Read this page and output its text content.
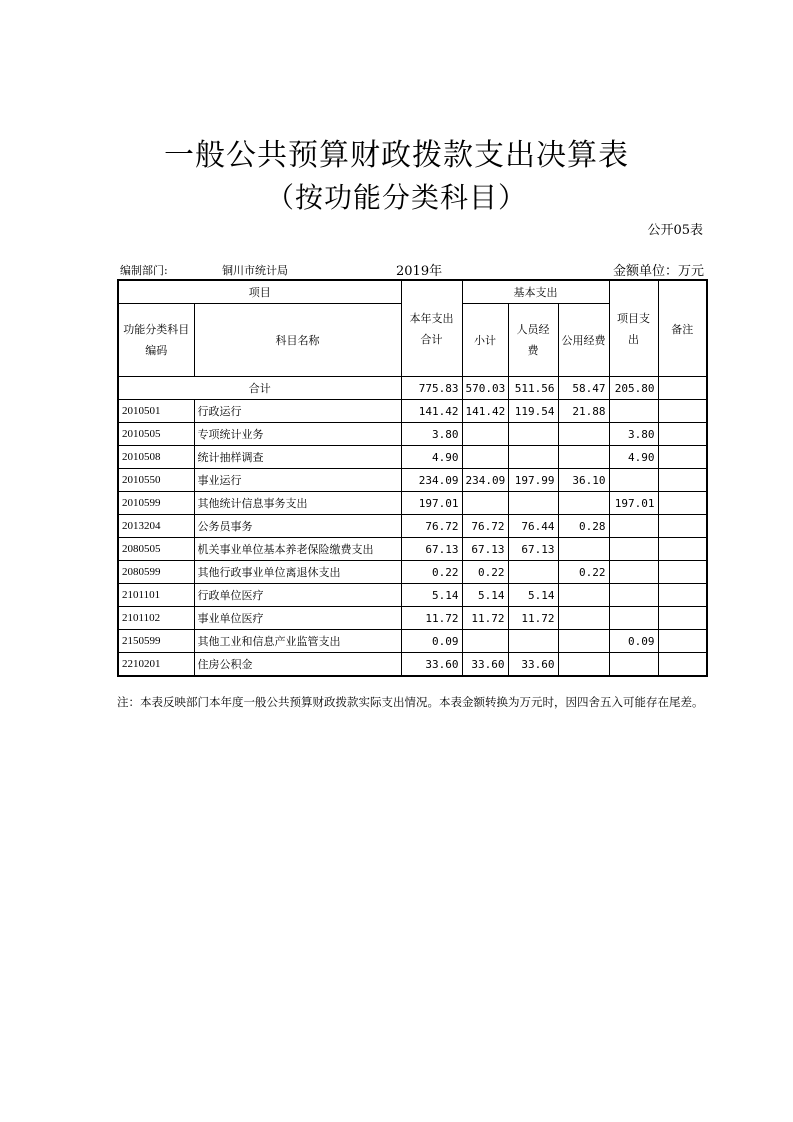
一般公共预算财政拨款支出决算表
（按功能分类科目）
公开05表
编制部门:	铜川市统计局	2019年	金额单位：万元
项目		本年支出合计	基本支出			项目支出	备注
功能分类科目编码	科目名称		小计	人员经费	公用经费		
合计		775.83	570.03	511.56	58.47	205.80	
2010501	行政运行	141.42	141.42	119.54	21.88		
2010505	专项统计业务	3.80				3.80	
2010508	统计抽样调查	4.90				4.90	
2010550	事业运行	234.09	234.09	197.99	36.10		
2010599	其他统计信息事务支出	197.01				197.01	
2013204	公务员事务	76.72	76.72	76.44	0.28		
2080505	机关事业单位基本养老保险缴费支出	67.13	67.13	67.13			
2080599	其他行政事业单位离退休支出	0.22	0.22		0.22		
2101101	行政单位医疗	5.14	5.14	5.14			
2101102	事业单位医疗	11.72	11.72	11.72			
2150599	其他工业和信息产业监管支出	0.09				0.09	
2210201	住房公积金	33.60	33.60	33.60			
注：本表反映部门本年度一般公共预算财政拨款实际支出情况。本表金额转换为万元时，因四舍五入可能存在尾差。
